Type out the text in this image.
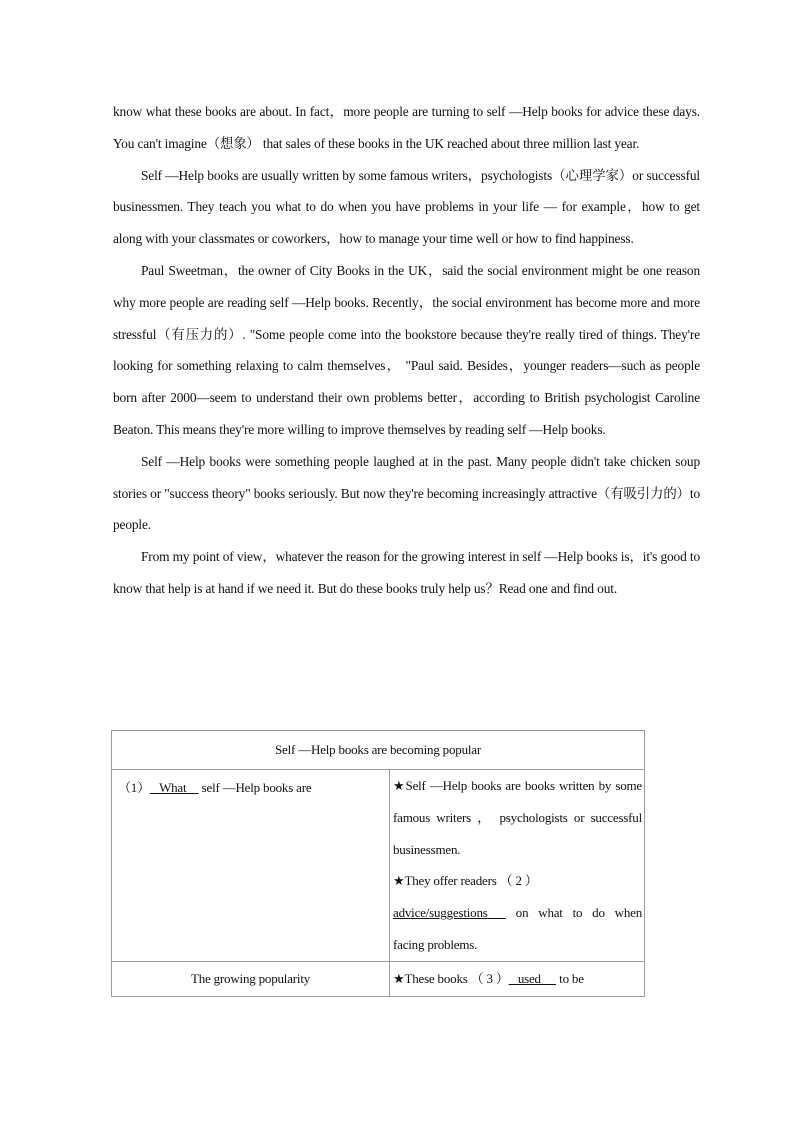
know what these books are about. In fact，more people are turning to self —Help books for advice these days. You can't imagine（想象） that sales of these books in the UK reached about three million last year.

Self —Help books are usually written by some famous writers，psychologists（心理学家）or successful businessmen. They teach you what to do when you have problems in your life — for example，how to get along with your classmates or coworkers，how to manage your time well or how to find happiness.

Paul Sweetman，the owner of City Books in the UK，said the social environment might be one reason why more people are reading self —Help books. Recently，the social environment has become more and more stressful（有压力的）. "Some people come into the bookstore because they're really tired of things. They're looking for something relaxing to calm themselves， "Paul said. Besides，younger readers—such as people born after 2000—seem to understand their own problems better，according to British psychologist Caroline Beaton. This means they're more willing to improve themselves by reading self —Help books.

Self —Help books were something people laughed at in the past. Many people didn't take chicken soup stories or "success theory" books seriously. But now they're becoming increasingly attractive（有吸引力的）to people.

From my point of view，whatever the reason for the growing interest in self —Help books is，it's good to know that help is at hand if we need it. But do these books truly help us？Read one and find out.

Self —Help books are becoming popular	
（1） What     self —Help books are	★Self —Help books are books written by some famous writers ， psychologists or successful businessmen.
★They offer readers （ 2 ）
advice/suggestions       on what to do when facing problems.

The growing popularity	★These books （ 3 ） used      to be
